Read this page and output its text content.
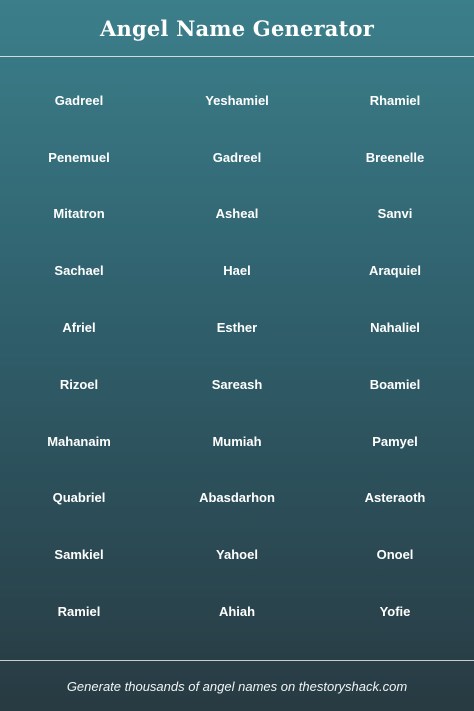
Angel Name Generator
Gadreel	Yeshamiel	Rhamiel
Penemuel	Gadreel	Breenelle
Mitatron	Asheal	Sanvi
Sachael	Hael	Araquiel
Afriel	Esther	Nahaliel
Rizoel	Sareash	Boamiel
Mahanaim	Mumiah	Pamyel
Quabriel	Abasdarhon	Asteraoth
Samkiel	Yahoel	Onoel
Ramiel	Ahiah	Yofie
Generate thousands of angel names on thestoryshack.com
